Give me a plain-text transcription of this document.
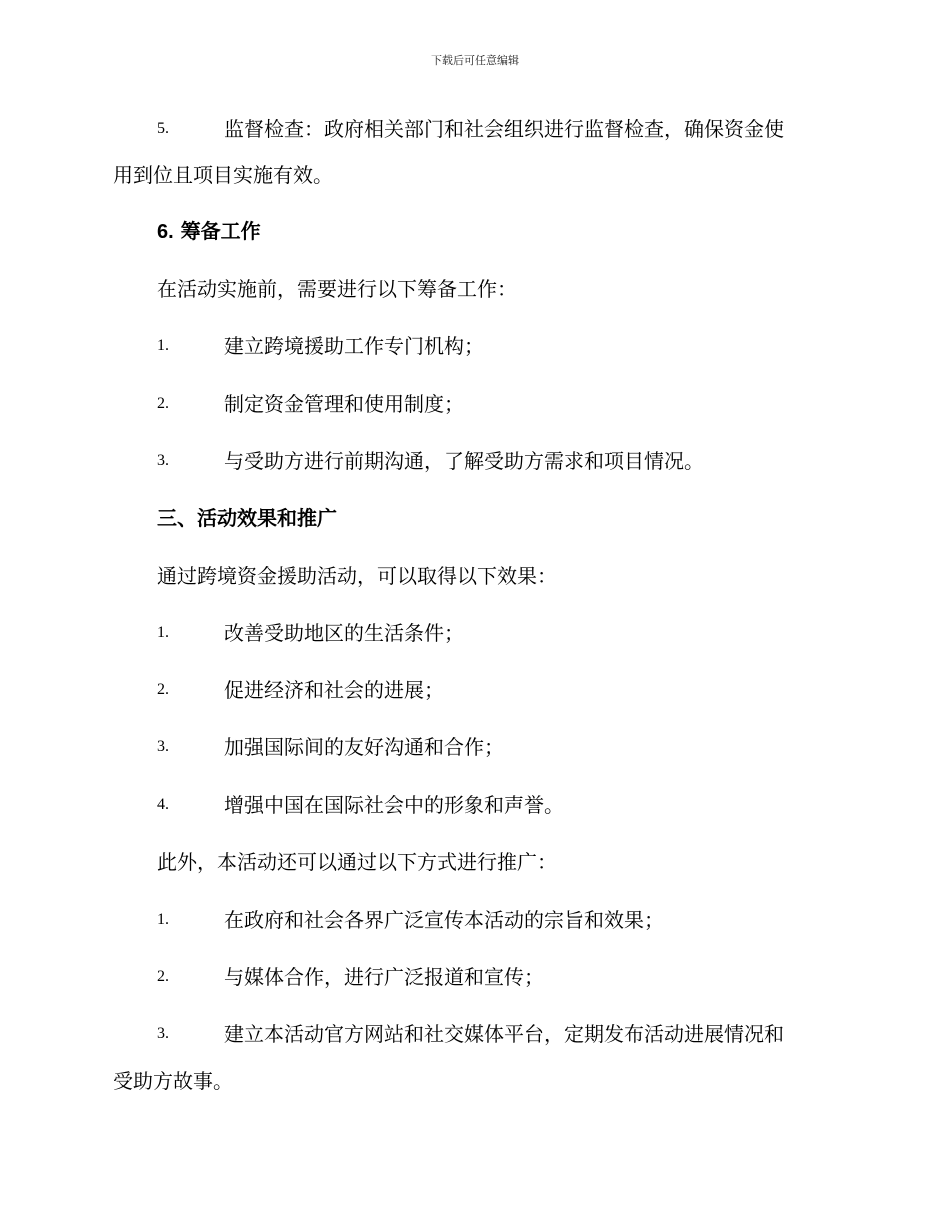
下载后可任意编辑
5.	监督检查：政府相关部门和社会组织进行监督检查，确保资金使
用到位且项目实施有效。
6. 筹备工作
在活动实施前，需要进行以下筹备工作：
1.	建立跨境援助工作专门机构；
2.	制定资金管理和使用制度；
3.	与受助方进行前期沟通，了解受助方需求和项目情况。
三、活动效果和推广
通过跨境资金援助活动，可以取得以下效果：
1.	改善受助地区的生活条件；
2.	促进经济和社会的进展；
3.	加强国际间的友好沟通和合作；
4.	增强中国在国际社会中的形象和声誉。
此外，本活动还可以通过以下方式进行推广：
1.	在政府和社会各界广泛宣传本活动的宗旨和效果；
2.	与媒体合作，进行广泛报道和宣传；
3.	建立本活动官方网站和社交媒体平台，定期发布活动进展情况和
受助方故事。
